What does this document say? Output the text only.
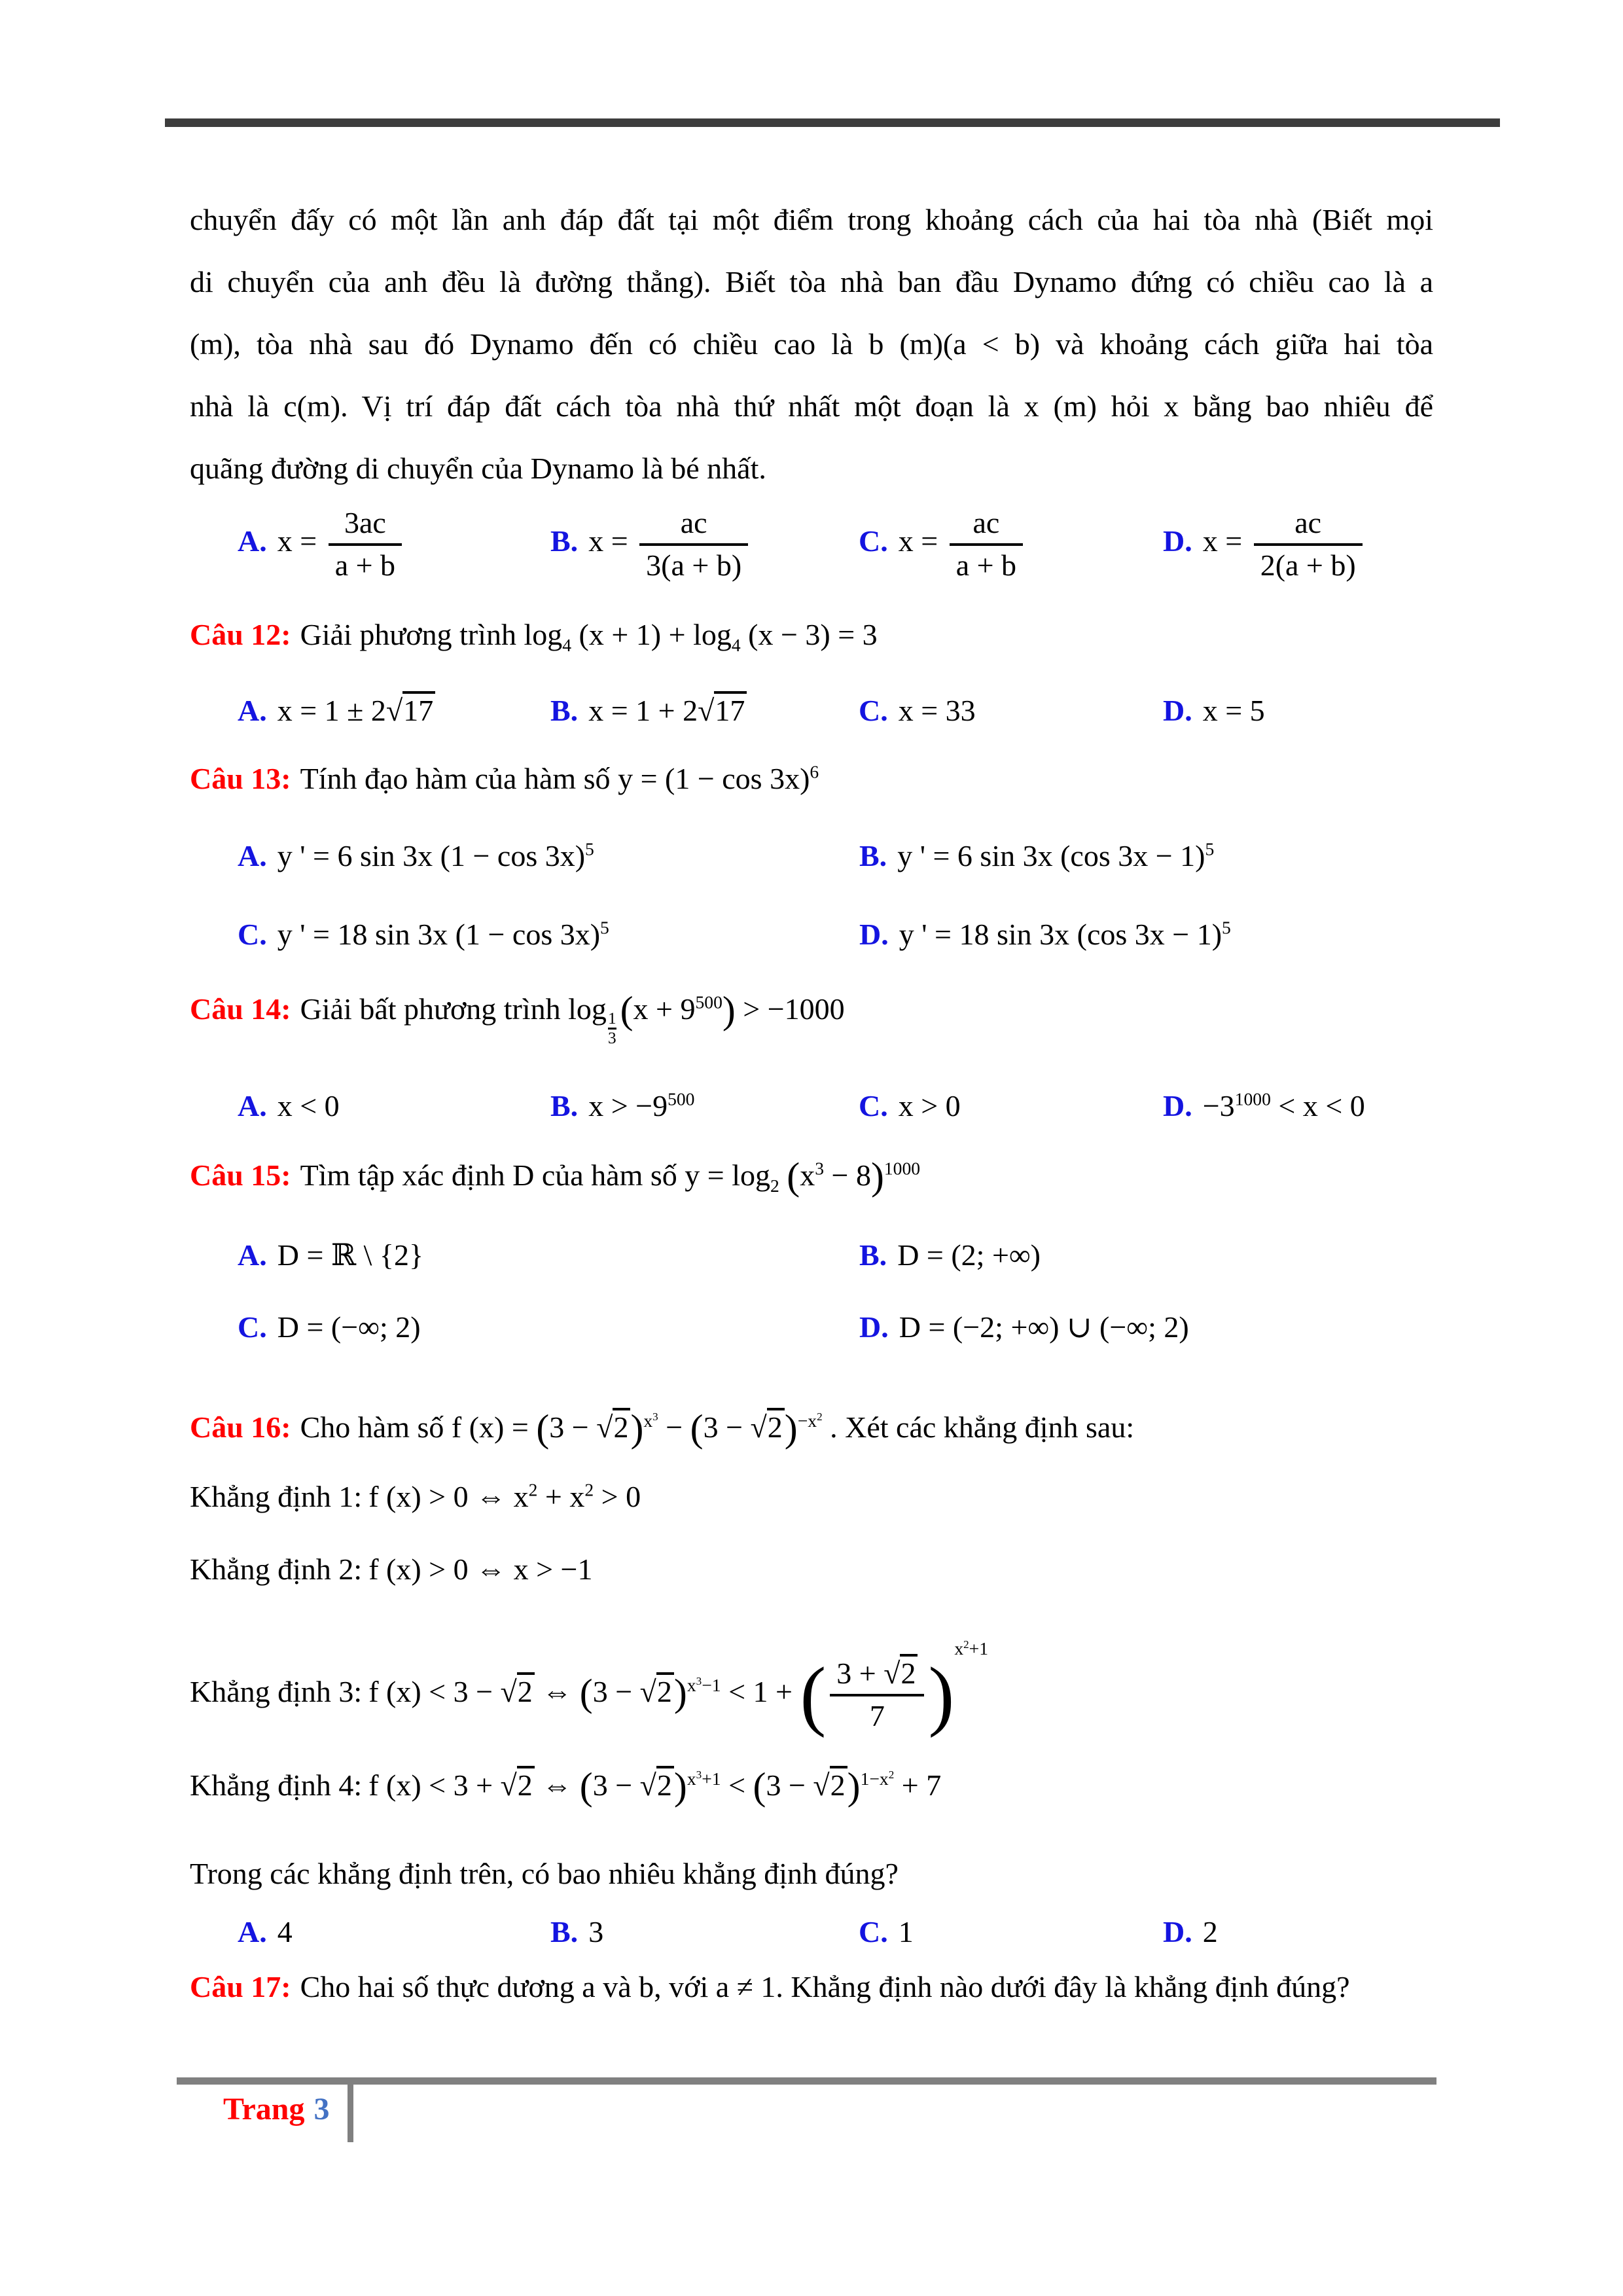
chuyển đấy có một lần anh đáp đất tại một điểm trong khoảng cách của hai tòa nhà (Biết mọi
di chuyển của anh đều là đường thẳng). Biết tòa nhà ban đầu Dynamo đứng có chiều cao là a
(m), tòa nhà sau đó Dynamo đến có chiều cao là b (m)(a < b) và khoảng cách giữa hai tòa
nhà là c(m). Vị trí đáp đất cách tòa nhà thứ nhất một đoạn là x (m) hỏi x bằng bao nhiêu để
quãng đường di chuyển của Dynamo là bé nhất.
A. $x = \frac{3ac}{a + b}$	B. $x = \frac{ac}{3(a + b)}$	C. $x = \frac{ac}{a + b}$	D. $x = \frac{ac}{2(a + b)}$
Câu 12: Giải phương trình $\log_4 (x + 1) + \log_4 (x - 3) = 3$
A. x = 1 ± 2√17	B. x = 1 + 2√17	C. x = 33	D. x = 5
Câu 13: Tính đạo hàm của hàm số $y = (1 - \cos 3x)^6$
A. y ' = 6 sin 3x $(1 - \cos 3x)^5$	B. y ' = 6 sin 3x (cos 3x − 1)$^5$
C. y ' = 18 sin 3x $(1 - \cos 3x)^5$	D. y ' = 18 sin 3x (cos 3x − 1)$^5$
Câu 14: Giải bất phương trình log
$\frac{1}{3} (x + 9^{500}) > -1000$
A. x < 0	B. $x > -9^{500}$	C. x > 0	D. $-3^{1000} < x < 0$
Câu 15: Tìm tập xác định D của hàm số $y = \log_2 (x^3 - 8)^{1000}$
A. D = ℝ \ {2}	B. D = (2; +∞)
C. D = (−∞; 2)	D. D = (−2; +∞) ∪ (−∞; 2)
Câu 16: Cho hàm số f $(x) = (3 - √2)^{x^3} - (3 - √2)^{-x^2}$ . Xét các khẳng định sau:
Khẳng định 1: f (x) > 0 ⇔ $x^2 + x^2 > 0$
Khẳng định 2: f (x) > 0 ⇔ x > −1
Khẳng định 3: f (x) < 3 − √2 ⇔ $(3 - √2)^{x^3-1} < 1$ + ( $\frac{3 + √2}{7} )^{x^2+1}$
Khẳng định 4: f (x) < 3 + √2 ⇔ $(3 - √2)^{x^3+1} < (3 - √2)^{1-x^2} + 7$
Trong các khẳng định trên, có bao nhiêu khẳng định đúng?
A. 4	B. 3	C. 1	D. 2
Câu 17: Cho hai số thực dương a và b, với a ≠ 1. Khẳng định nào dưới đây là khẳng định đúng?
Trang 3
